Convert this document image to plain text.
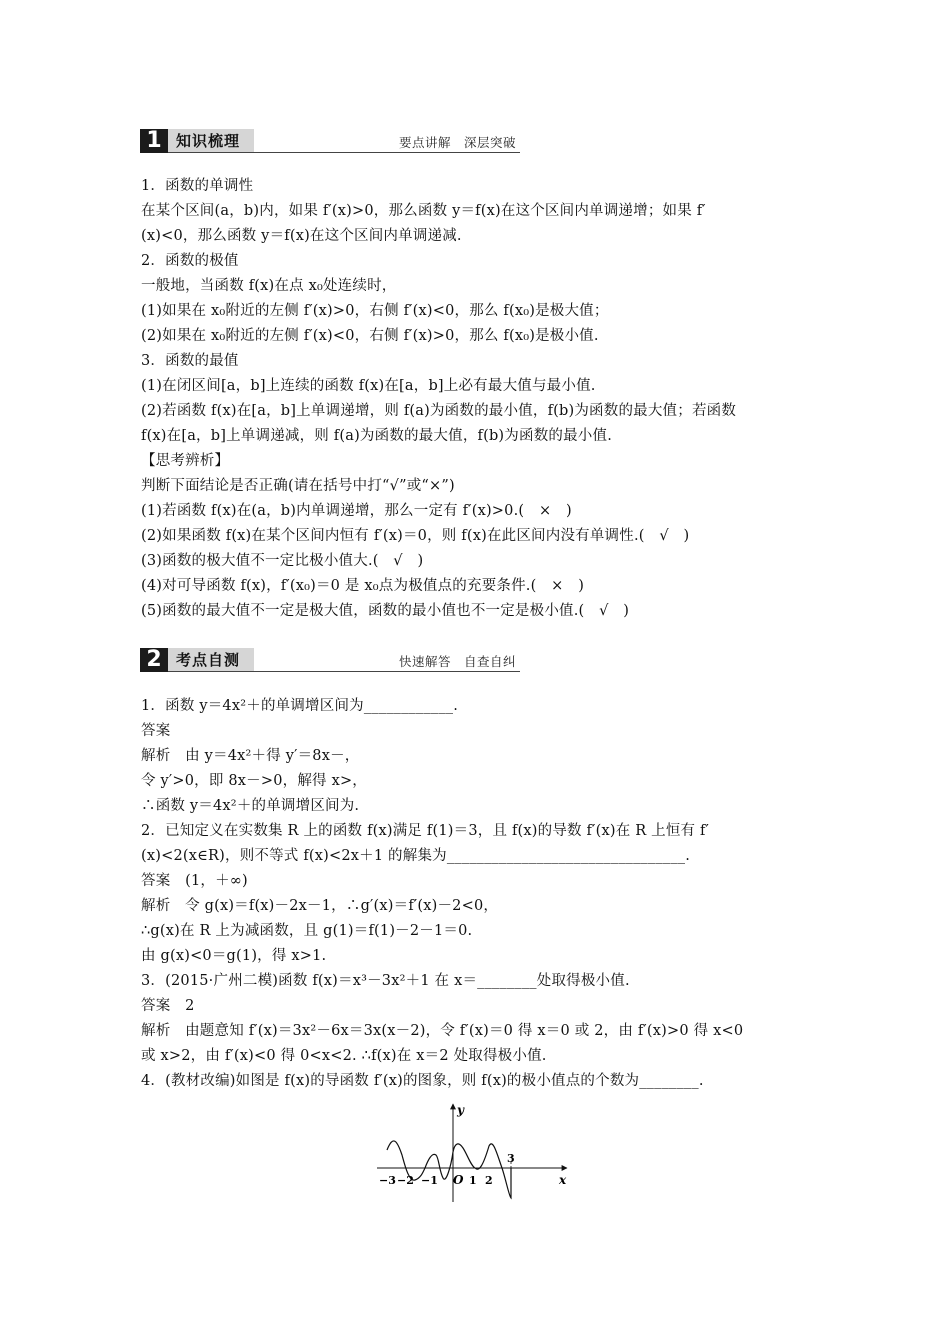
1 知识梳理	要点讲解　深层突破
1．函数的单调性
在某个区间(a，b)内，如果 f′(x)>0，那么函数 y＝f(x)在这个区间内单调递增；如果 f′
(x)<0，那么函数 y＝f(x)在这个区间内单调递减.
2．函数的极值
一般地，当函数 f(x)在点 x₀处连续时，
(1)如果在 x₀附近的左侧 f′(x)>0，右侧 f′(x)<0，那么 f(x₀)是极大值；
(2)如果在 x₀附近的左侧 f′(x)<0，右侧 f′(x)>0，那么 f(x₀)是极小值.
3．函数的最值
(1)在闭区间[a，b]上连续的函数 f(x)在[a，b]上必有最大值与最小值.
(2)若函数 f(x)在[a，b]上单调递增，则 f(a)为函数的最小值，f(b)为函数的最大值；若函数
f(x)在[a，b]上单调递减，则 f(a)为函数的最大值，f(b)为函数的最小值.
【思考辨析】
判断下面结论是否正确(请在括号中打“√”或“×”)
(1)若函数 f(x)在(a，b)内单调递增，那么一定有 f′(x)>0.(　×　)
(2)如果函数 f(x)在某个区间内恒有 f′(x)＝0，则 f(x)在此区间内没有单调性.(　√　)
(3)函数的极大值不一定比极小值大.(　√　)
(4)对可导函数 f(x)，f′(x₀)＝0 是 x₀点为极值点的充要条件.(　×　)
(5)函数的最大值不一定是极大值，函数的最小值也不一定是极小值.(　√　)
2 考点自测	快速解答　自查自纠
1．函数 y＝4x²＋的单调增区间为____________.
答案
解析　由 y＝4x²＋得 y′＝8x－，
令 y′>0，即 8x－>0，解得 x>，
∴函数 y＝4x²＋的单调增区间为.
2．已知定义在实数集 R 上的函数 f(x)满足 f(1)＝3，且 f(x)的导数 f′(x)在 R 上恒有 f′
(x)<2(x∈R)，则不等式 f(x)<2x＋1 的解集为________________________________.
答案　(1，＋∞)
解析　令 g(x)＝f(x)－2x－1，∴g′(x)＝f′(x)－2<0，
∴g(x)在 R 上为减函数，且 g(1)＝f(1)－2－1＝0.
由 g(x)<0＝g(1)，得 x>1.
3．(2015·广州二模)函数 f(x)＝x³－3x²＋1 在 x＝________处取得极小值.
答案　2
解析　由题意知 f′(x)＝3x²－6x＝3x(x－2)，令 f′(x)＝0 得 x＝0 或 2，由 f′(x)>0 得 x<0
或 x>2，由 f′(x)<0 得 0<x<2. ∴f(x)在 x＝2 处取得极小值.
4．(教材改编)如图是 f(x)的导函数 f′(x)的图象，则 f(x)的极小值点的个数为________.
y
x
O
−3 −2 −1	1 2
3
